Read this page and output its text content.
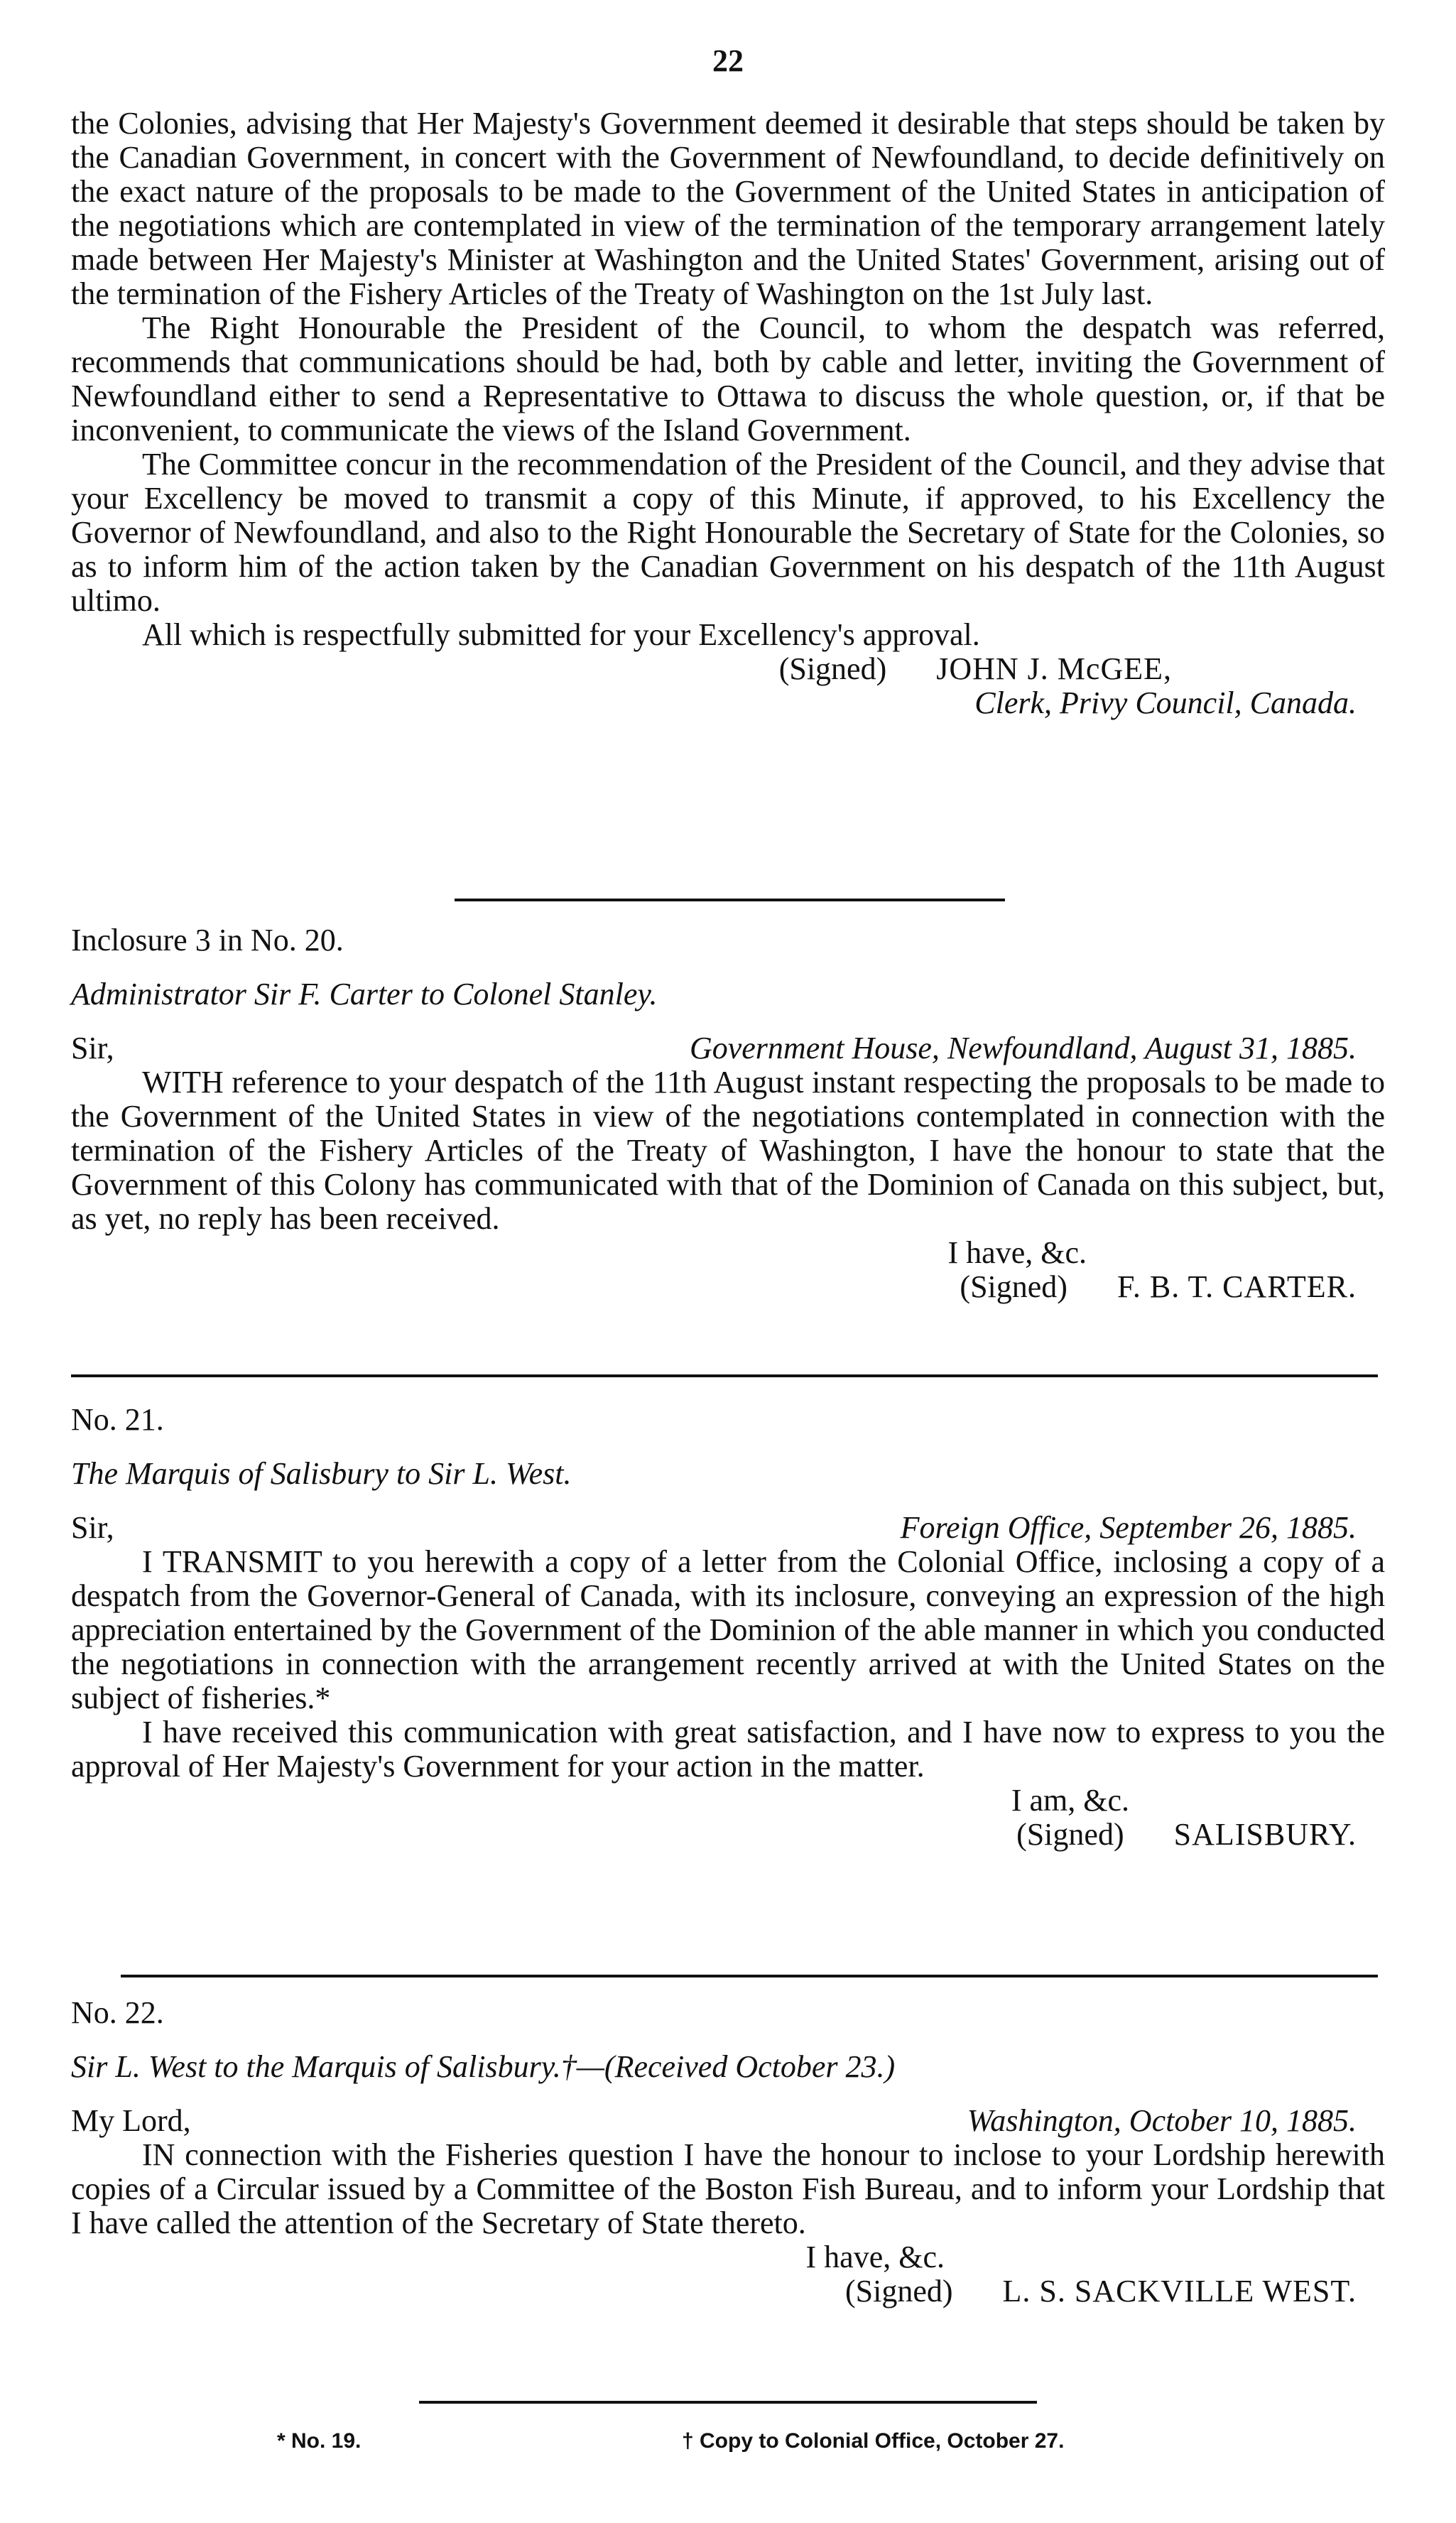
22

the Colonies, advising that Her Majesty's Government deemed it desirable that steps should be taken by the Canadian Government, in concert with the Government of Newfoundland, to decide definitively on the exact nature of the proposals to be made to the Government of the United States in anticipation of the negotiations which are contemplated in view of the termination of the temporary arrangement lately made between Her Majesty's Minister at Washington and the United States' Government, arising out of the termination of the Fishery Articles of the Treaty of Washington on the 1st July last.

The Right Honourable the President of the Council, to whom the despatch was referred, recommends that communications should be had, both by cable and letter, inviting the Government of Newfoundland either to send a Representative to Ottawa to discuss the whole question, or, if that be inconvenient, to communicate the views of the Island Government.

The Committee concur in the recommendation of the President of the Council, and they advise that your Excellency be moved to transmit a copy of this Minute, if approved, to his Excellency the Governor of Newfoundland, and also to the Right Honourable the Secretary of State for the Colonies, so as to inform him of the action taken by the Canadian Government on his despatch of the 11th August ultimo.

All which is respectfully submitted for your Excellency's approval.

(Signed) JOHN J. McGEE,

Clerk, Privy Council, Canada.

Inclosure 3 in No. 20.

Administrator Sir F. Carter to Colonel Stanley.

Sir,	Government House, Newfoundland, August 31, 1885.

WITH reference to your despatch of the 11th August instant respecting the proposals to be made to the Government of the United States in view of the negotiations contemplated in connection with the termination of the Fishery Articles of the Treaty of Washington, I have the honour to state that the Government of this Colony has communicated with that of the Dominion of Canada on this subject, but, as yet, no reply has been received.

I have, &c.

(Signed) F. B. T. CARTER.

No. 21.

The Marquis of Salisbury to Sir L. West.

Sir,	Foreign Office, September 26, 1885.

I TRANSMIT to you herewith a copy of a letter from the Colonial Office, inclosing a copy of a despatch from the Governor-General of Canada, with its inclosure, conveying an expression of the high appreciation entertained by the Government of the Dominion of the able manner in which you conducted the negotiations in connection with the arrangement recently arrived at with the United States on the subject of fisheries.*

I have received this communication with great satisfaction, and I have now to express to you the approval of Her Majesty's Government for your action in the matter.

I am, &c.

(Signed) SALISBURY.

No. 22.

Sir L. West to the Marquis of Salisbury.†—(Received October 23.)

My Lord,	Washington, October 10, 1885.

IN connection with the Fisheries question I have the honour to inclose to your Lordship herewith copies of a Circular issued by a Committee of the Boston Fish Bureau, and to inform your Lordship that I have called the attention of the Secretary of State thereto.

I have, &c.

(Signed) L. S. SACKVILLE WEST.
* No. 19.	† Copy to Colonial Office, October 27.
